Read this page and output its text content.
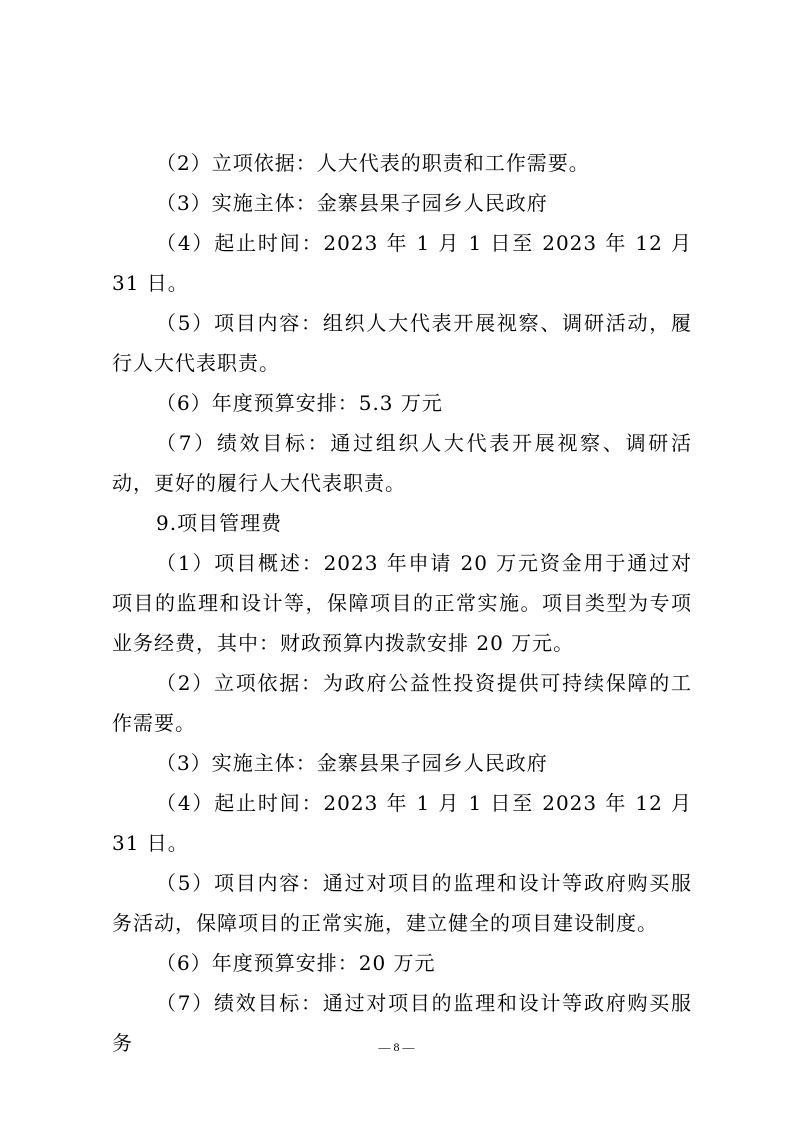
（2）立项依据：人大代表的职责和工作需要。

（3）实施主体：金寨县果子园乡人民政府

（4）起止时间：2023 年 1 月 1 日至 2023 年 12 月 31 日。

（5）项目内容：组织人大代表开展视察、调研活动，履行人大代表职责。

（6）年度预算安排：5.3 万元

（7）绩效目标：通过组织人大代表开展视察、调研活动，更好的履行人大代表职责。

9.项目管理费

（1）项目概述：2023 年申请 20 万元资金用于通过对项目的监理和设计等，保障项目的正常实施。项目类型为专项业务经费，其中：财政预算内拨款安排 20 万元。

（2）立项依据：为政府公益性投资提供可持续保障的工作需要。

（3）实施主体：金寨县果子园乡人民政府

（4）起止时间：2023 年 1 月 1 日至 2023 年 12 月 31 日。

（5）项目内容：通过对项目的监理和设计等政府购买服务活动，保障项目的正常实施，建立健全的项目建设制度。

（6）年度预算安排：20 万元

（7）绩效目标：通过对项目的监理和设计等政府购买服务	— 8 —
